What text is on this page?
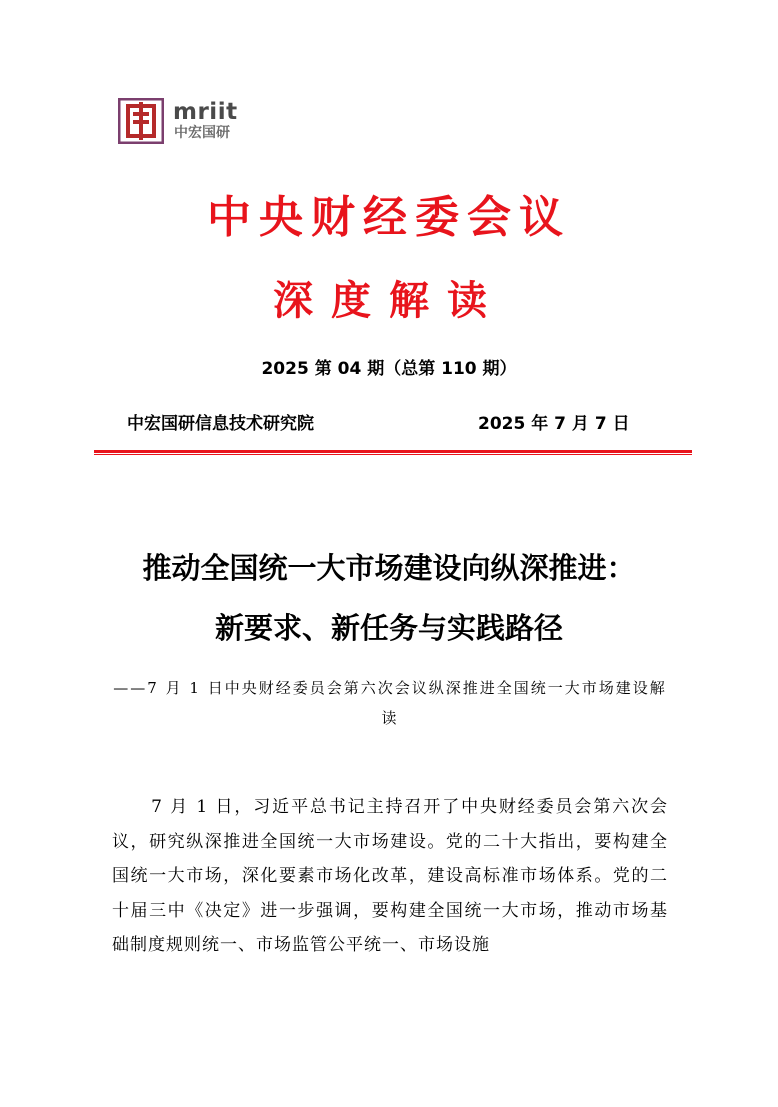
mriit
中宏国研
中央财经委会议
深度解读
2025 第 04 期（总第 110 期）
中宏国研信息技术研究院	2025 年 7 月 7 日
推动全国统一大市场建设向纵深推进：
新要求、新任务与实践路径
——7 月 1 日中央财经委员会第六次会议纵深推进全国统一大市场建设解读

7 月 1 日，习近平总书记主持召开了中央财经委员会第六次会议，研究纵深推进全国统一大市场建设。党的二十大指出，要构建全国统一大市场，深化要素市场化改革，建设高标准市场体系。党的二十届三中《决定》进一步强调，要构建全国统一大市场，推动市场基础制度规则统一、市场监管公平统一、市场设施
